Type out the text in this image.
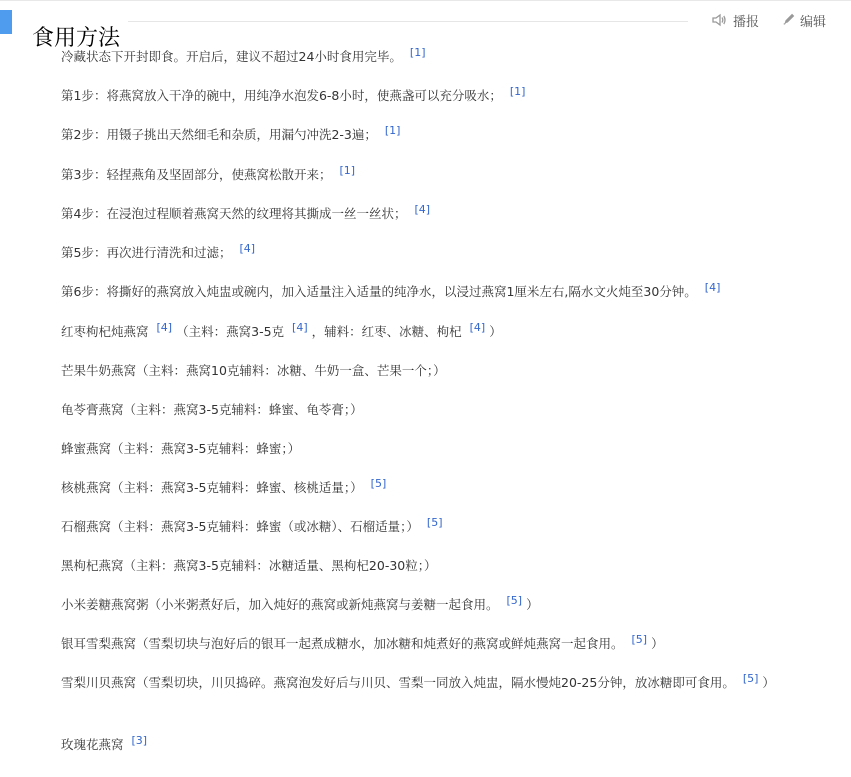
食用方法
播报	编辑
冷藏状态下开封即食。开启后，建议不超过24小时食用完毕。 [1]
第1步：将燕窝放入干净的碗中，用纯净水泡发6-8小时，使燕盏可以充分吸水； [1]
第2步：用镊子挑出天然细毛和杂质，用漏勺冲洗2-3遍； [1]
第3步：轻捏燕角及坚固部分，使燕窝松散开来； [1]
第4步：在浸泡过程顺着燕窝天然的纹理将其撕成一丝一丝状； [4]
第5步：再次进行清洗和过滤； [4]
第6步：将撕好的燕窝放入炖盅或碗内，加入适量注入适量的纯净水，以浸过燕窝1厘米左右,隔水文火炖至30分钟。 [4]
红枣枸杞炖燕窝 [4] （主料：燕窝3-5克 [4] ，辅料：红枣、冰糖、枸杞 [4] ）
芒果牛奶燕窝（主料：燕窝10克辅料：冰糖、牛奶一盒、芒果一个；）
龟苓膏燕窝（主料：燕窝3-5克辅料：蜂蜜、龟苓膏；）
蜂蜜燕窝（主料：燕窝3-5克辅料：蜂蜜；）
核桃燕窝（主料：燕窝3-5克辅料：蜂蜜、核桃适量；） [5]
石榴燕窝（主料：燕窝3-5克辅料：蜂蜜（或冰糖）、石榴适量；） [5]
黑枸杞燕窝（主料：燕窝3-5克辅料：冰糖适量、黑枸杞20-30粒；）
小米姜糖燕窝粥（小米粥煮好后，加入炖好的燕窝或新炖燕窝与姜糖一起食用。 [5] ）
银耳雪梨燕窝（雪梨切块与泡好后的银耳一起煮成糖水，加冰糖和炖煮好的燕窝或鲜炖燕窝一起食用。 [5] ）
雪梨川贝燕窝（雪梨切块，川贝捣碎。燕窝泡发好后与川贝、雪梨一同放入炖盅，隔水慢炖20-25分钟，放冰糖即可食用。 [5] ）
玫瑰花燕窝 [3]
